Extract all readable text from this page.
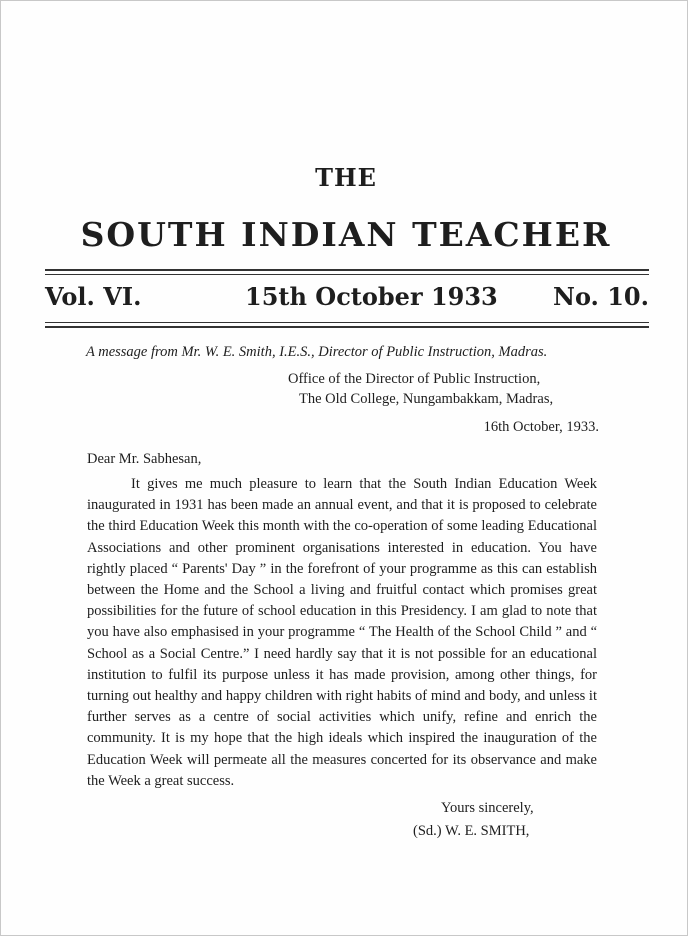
THE
SOUTH INDIAN TEACHER
Vol. VI.	15th October 1933 No. 10.
A message from Mr. W. E. Smith, I.E.S., Director of Public Instruction, Madras.
Office of the Director of Public Instruction,
The Old College, Nungambakkam, Madras,
16th October, 1933.
Dear Mr. Sabhesan,

It gives me much pleasure to learn that the South Indian Education Week inaugurated in 1931 has been made an annual event, and that it is proposed to celebrate the third Education Week this month with the co-operation of some leading Educational Associations and other prominent organisations interested in education. You have rightly placed “ Parents' Day ” in the forefront of your programme as this can establish between the Home and the School a living and fruitful contact which promises great possibilities for the future of school education in this Presidency. I am glad to note that you have also emphasised in your programme “ The Health of the School Child ” and “ School as a Social Centre.” I need hardly say that it is not possible for an educational institution to fulfil its purpose unless it has made provision, among other things, for turning out healthy and happy children with right habits of mind and body, and unless it further serves as a centre of social activities which unify, refine and enrich the community. It is my hope that the high ideals which inspired the inauguration of the Education Week will permeate all the measures concerted for its observance and make the Week a great success.

Yours sincerely,
(Sd.) W. E. SMITH,
